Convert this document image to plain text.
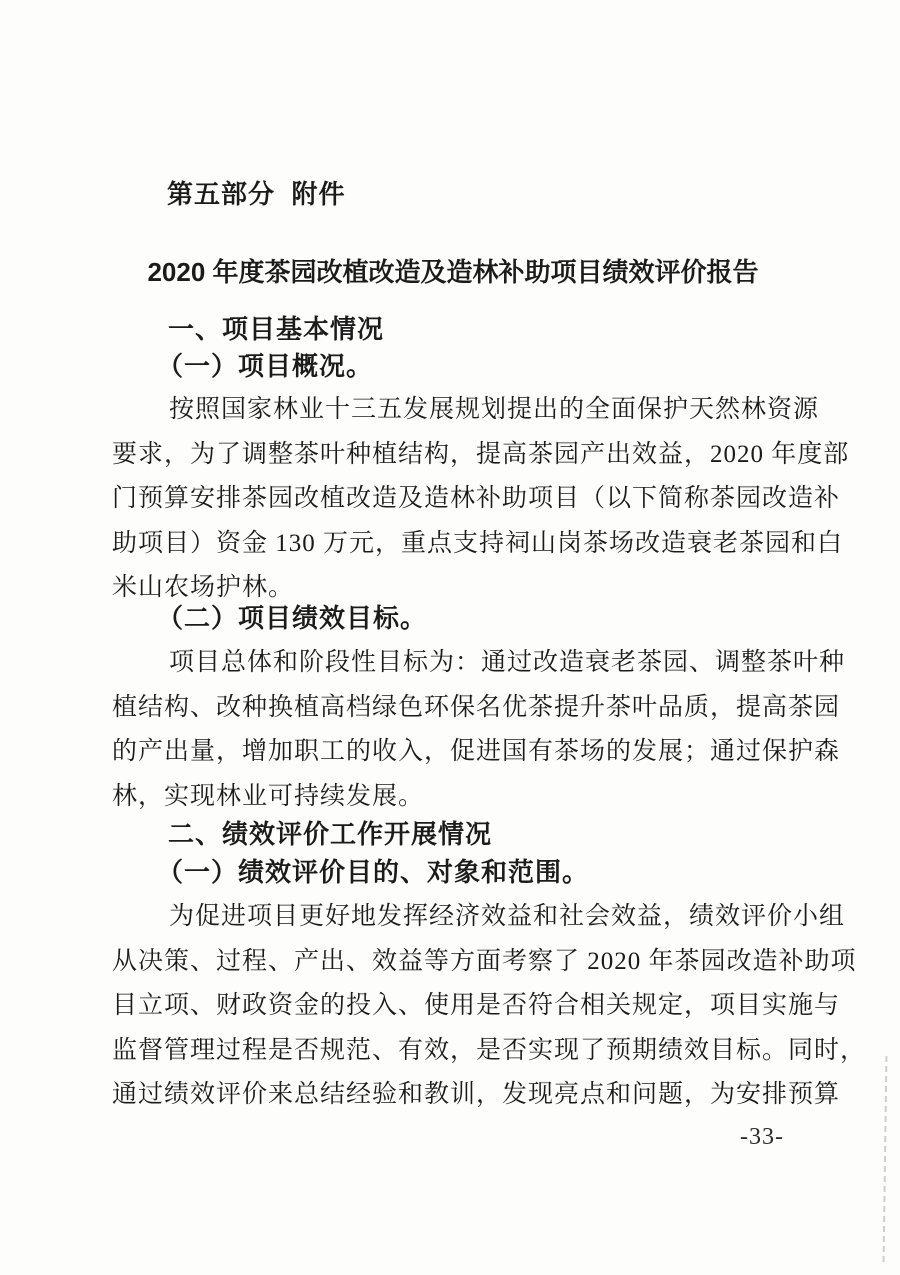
第五部分  附件
2020 年度茶园改植改造及造林补助项目绩效评价报告
一、项目基本情况
（一）项目概况。
按照国家林业十三五发展规划提出的全面保护天然林资源
要求，为了调整茶叶种植结构，提高茶园产出效益，2020 年度部
门预算安排茶园改植改造及造林补助项目（以下简称茶园改造补
助项目）资金 130 万元，重点支持祠山岗茶场改造衰老茶园和白
米山农场护林。
（二）项目绩效目标。
项目总体和阶段性目标为：通过改造衰老茶园、调整茶叶种
植结构、改种换植高档绿色环保名优茶提升茶叶品质，提高茶园
的产出量，增加职工的收入，促进国有茶场的发展；通过保护森
林，实现林业可持续发展。
二、绩效评价工作开展情况
（一）绩效评价目的、对象和范围。
为促进项目更好地发挥经济效益和社会效益，绩效评价小组
从决策、过程、产出、效益等方面考察了 2020 年茶园改造补助项
目立项、财政资金的投入、使用是否符合相关规定，项目实施与
监督管理过程是否规范、有效，是否实现了预期绩效目标。同时，
通过绩效评价来总结经验和教训，发现亮点和问题，为安排预算
-33-
